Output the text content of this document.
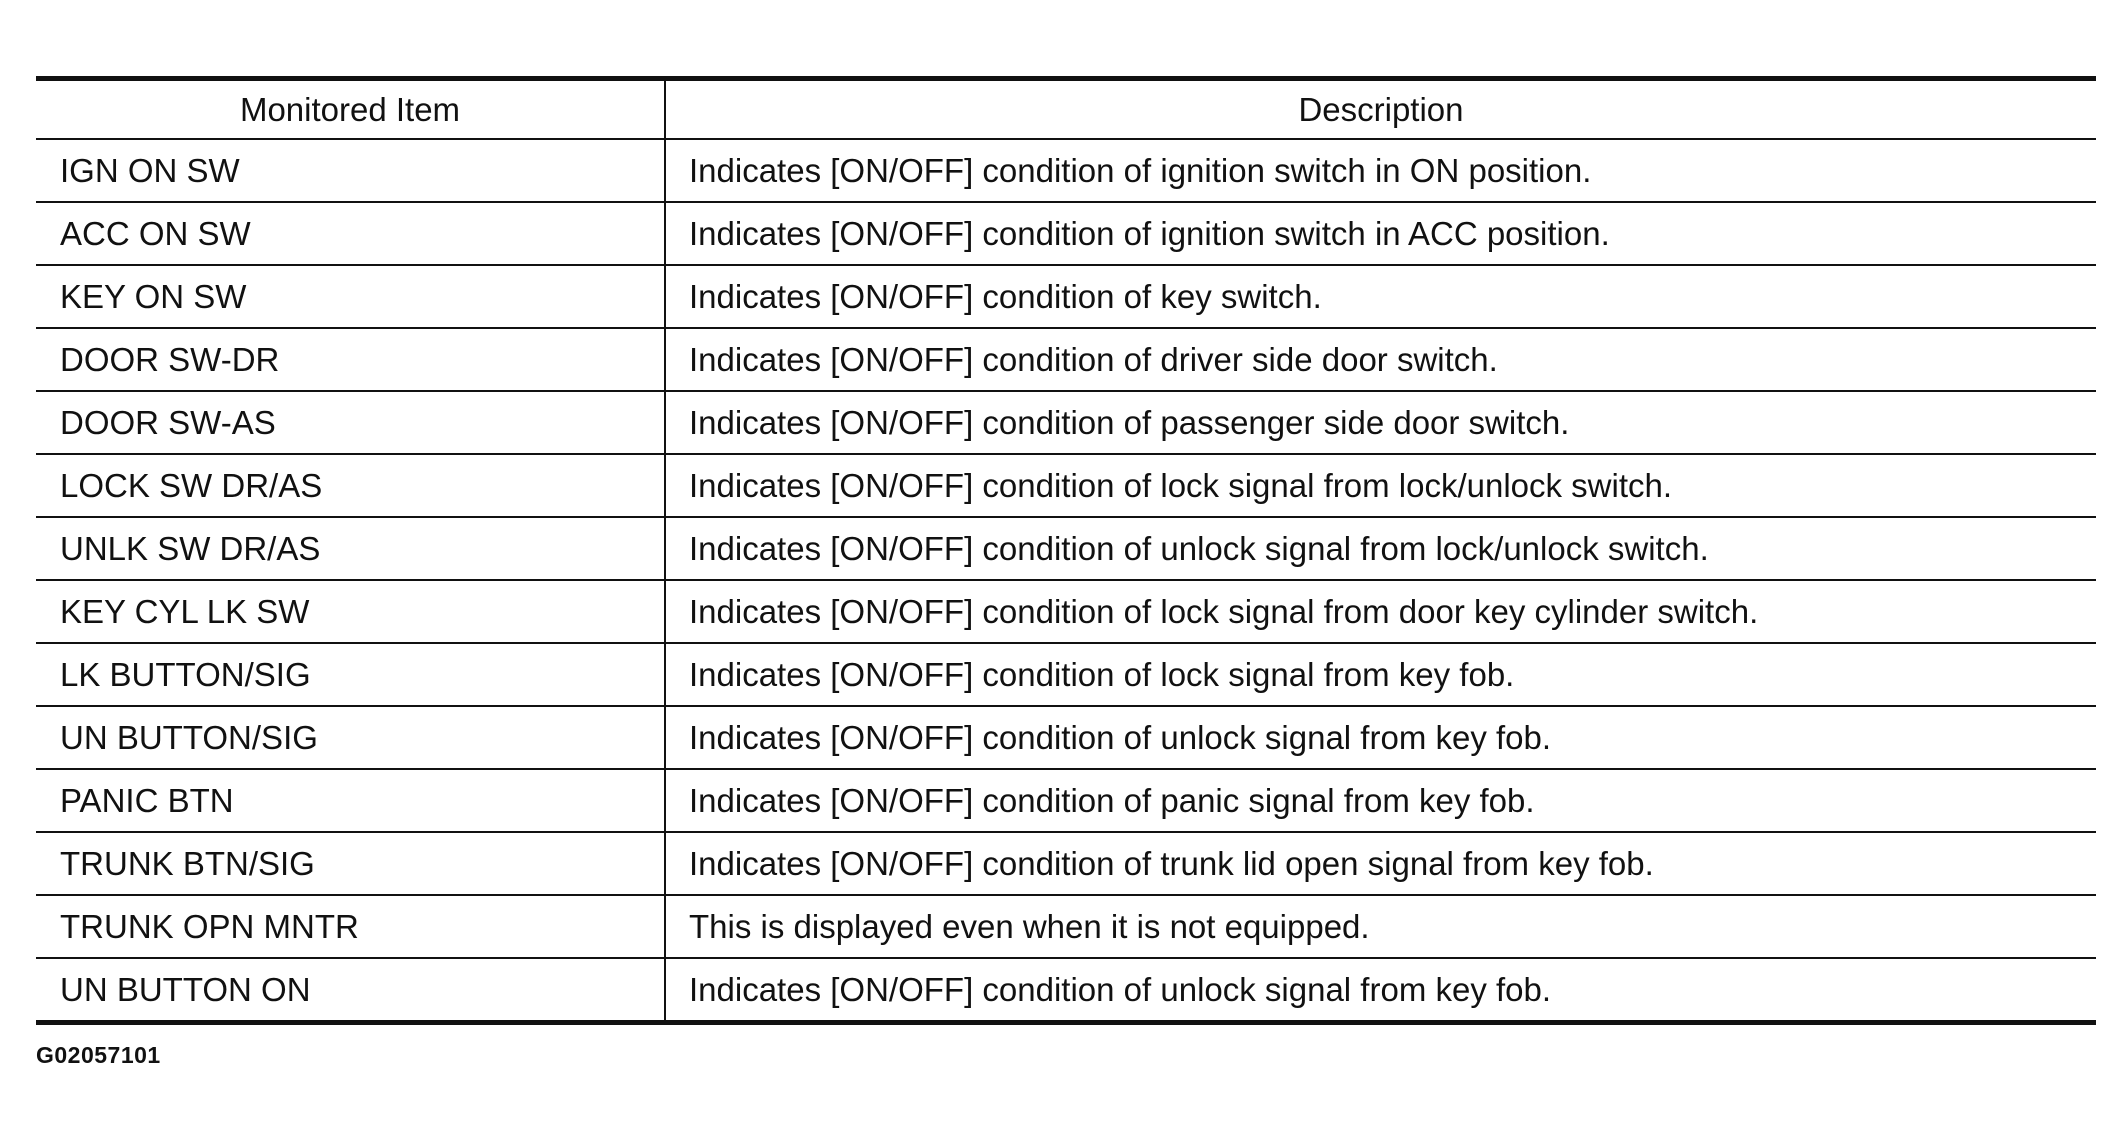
Monitored Item	Description
IGN ON SW	Indicates [ON/OFF] condition of ignition switch in ON position.
ACC ON SW	Indicates [ON/OFF] condition of ignition switch in ACC position.
KEY ON SW	Indicates [ON/OFF] condition of key switch.
DOOR SW-DR	Indicates [ON/OFF] condition of driver side door switch.
DOOR SW-AS	Indicates [ON/OFF] condition of passenger side door switch.
LOCK SW DR/AS	Indicates [ON/OFF] condition of lock signal from lock/unlock switch.
UNLK SW DR/AS	Indicates [ON/OFF] condition of unlock signal from lock/unlock switch.
KEY CYL LK SW	Indicates [ON/OFF] condition of lock signal from door key cylinder switch.
LK BUTTON/SIG	Indicates [ON/OFF] condition of lock signal from key fob.
UN BUTTON/SIG	Indicates [ON/OFF] condition of unlock signal from key fob.
PANIC BTN	Indicates [ON/OFF] condition of panic signal from key fob.
TRUNK BTN/SIG	Indicates [ON/OFF] condition of trunk lid open signal from key fob.
TRUNK OPN MNTR	This is displayed even when it is not equipped.
UN BUTTON ON	Indicates [ON/OFF] condition of unlock signal from key fob.
G02057101
